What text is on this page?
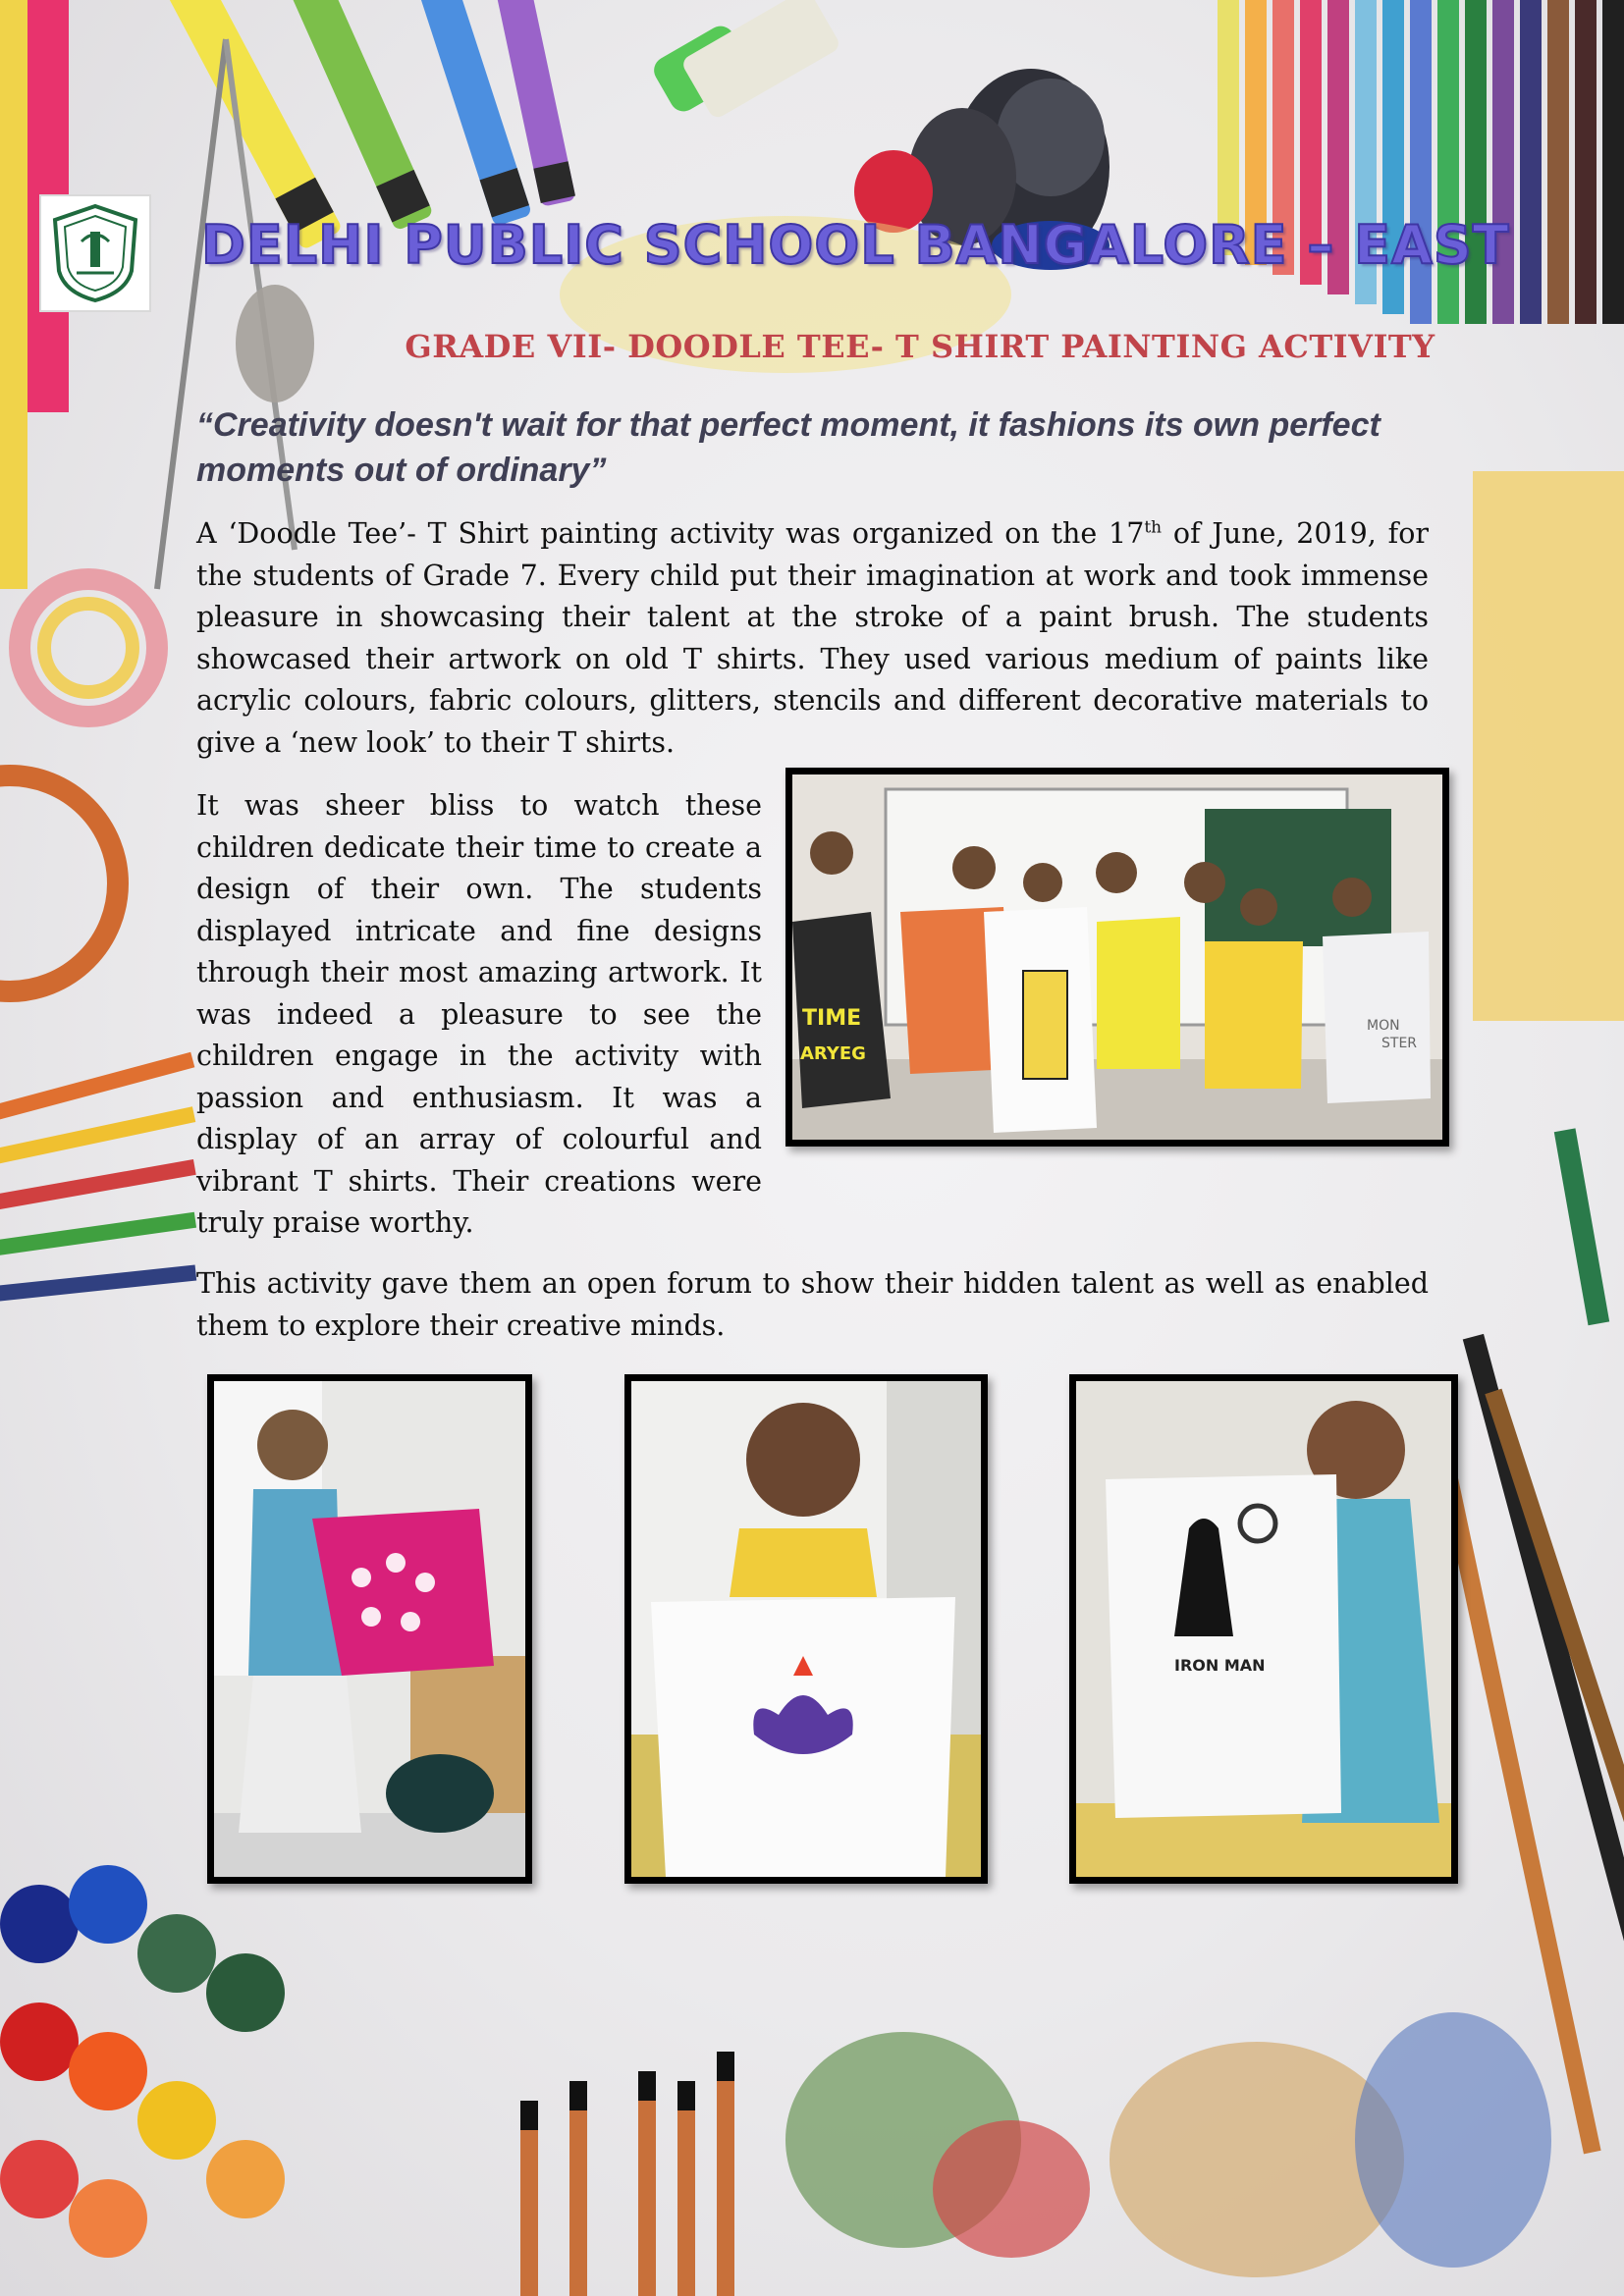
DELHI PUBLIC SCHOOL BANGALORE – EAST
GRADE VII- DOODLE TEE- T SHIRT PAINTING ACTIVITY
“Creativity doesn't wait for that perfect moment, it fashions its own perfect moments out of ordinary”

A ‘Doodle Tee’- T Shirt painting activity was organized on the 17th of June, 2019, for the students of Grade 7. Every child put their imagination at work and took immense pleasure in showcasing their talent at the stroke of a paint brush. The students showcased their artwork on old T shirts. They used various medium of paints like acrylic colours, fabric colours, glitters, stencils and different decorative materials to give a ‘new look’ to their T shirts.

It was sheer bliss to watch these children dedicate their time to create a design of their own. The students displayed intricate and fine designs through their most amazing artwork. It was indeed a pleasure to see the children engage in the activity with passion and enthusiasm. It was a display of an array of colourful and vibrant T shirts. Their creations were truly praise worthy.

This activity gave them an open forum to show their hidden talent as well as enabled them to explore their creative minds.

TIME
ARYEG
MON
STER
IRON MAN
